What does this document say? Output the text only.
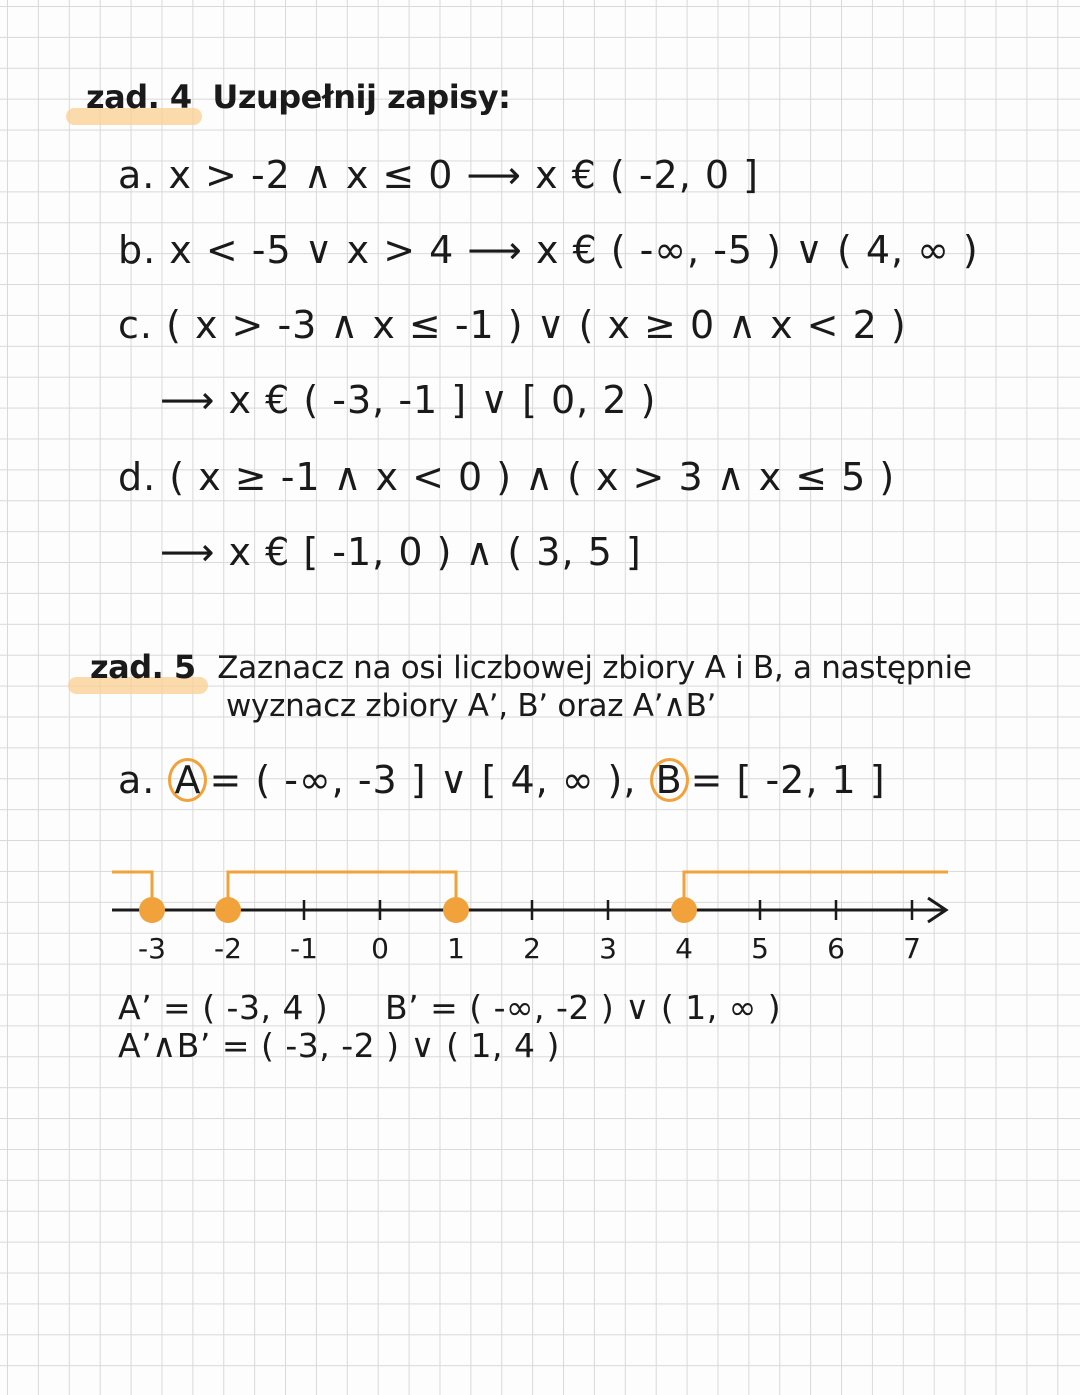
zad. 4 Uzupełnij zapisy:
a. x > -2 ∧ x ≤ 0 ⟶ x € ( -2, 0 ]
b. x < -5 ∨ x > 4 ⟶ x € ( -∞, -5 ) ∨ ( 4, ∞ )
c. ( x > -3 ∧ x ≤ -1 ) ∨ ( x ≥ 0 ∧ x < 2 )
⟶ x € ( -3, -1 ] ∨ [ 0, 2 )
d. ( x ≥ -1 ∧ x < 0 ) ∧ ( x > 3 ∧ x ≤ 5 )
⟶ x € [ -1, 0 ) ∧ ( 3, 5 ]
zad. 5 Zaznacz na osi liczbowej zbiory A i B, a następnie
wyznacz zbiory A’, B’ oraz A’∧B’
a. A = ( -∞, -3 ] ∨ [ 4, ∞ ), B = [ -2, 1 ]
-3 -2 -1 0 1 2 3 4 5 6 7
A’ = ( -3, 4 ) B’ = ( -∞, -2 ) ∨ ( 1, ∞ )
A’∧B’ = ( -3, -2 ) ∨ ( 1, 4 )
